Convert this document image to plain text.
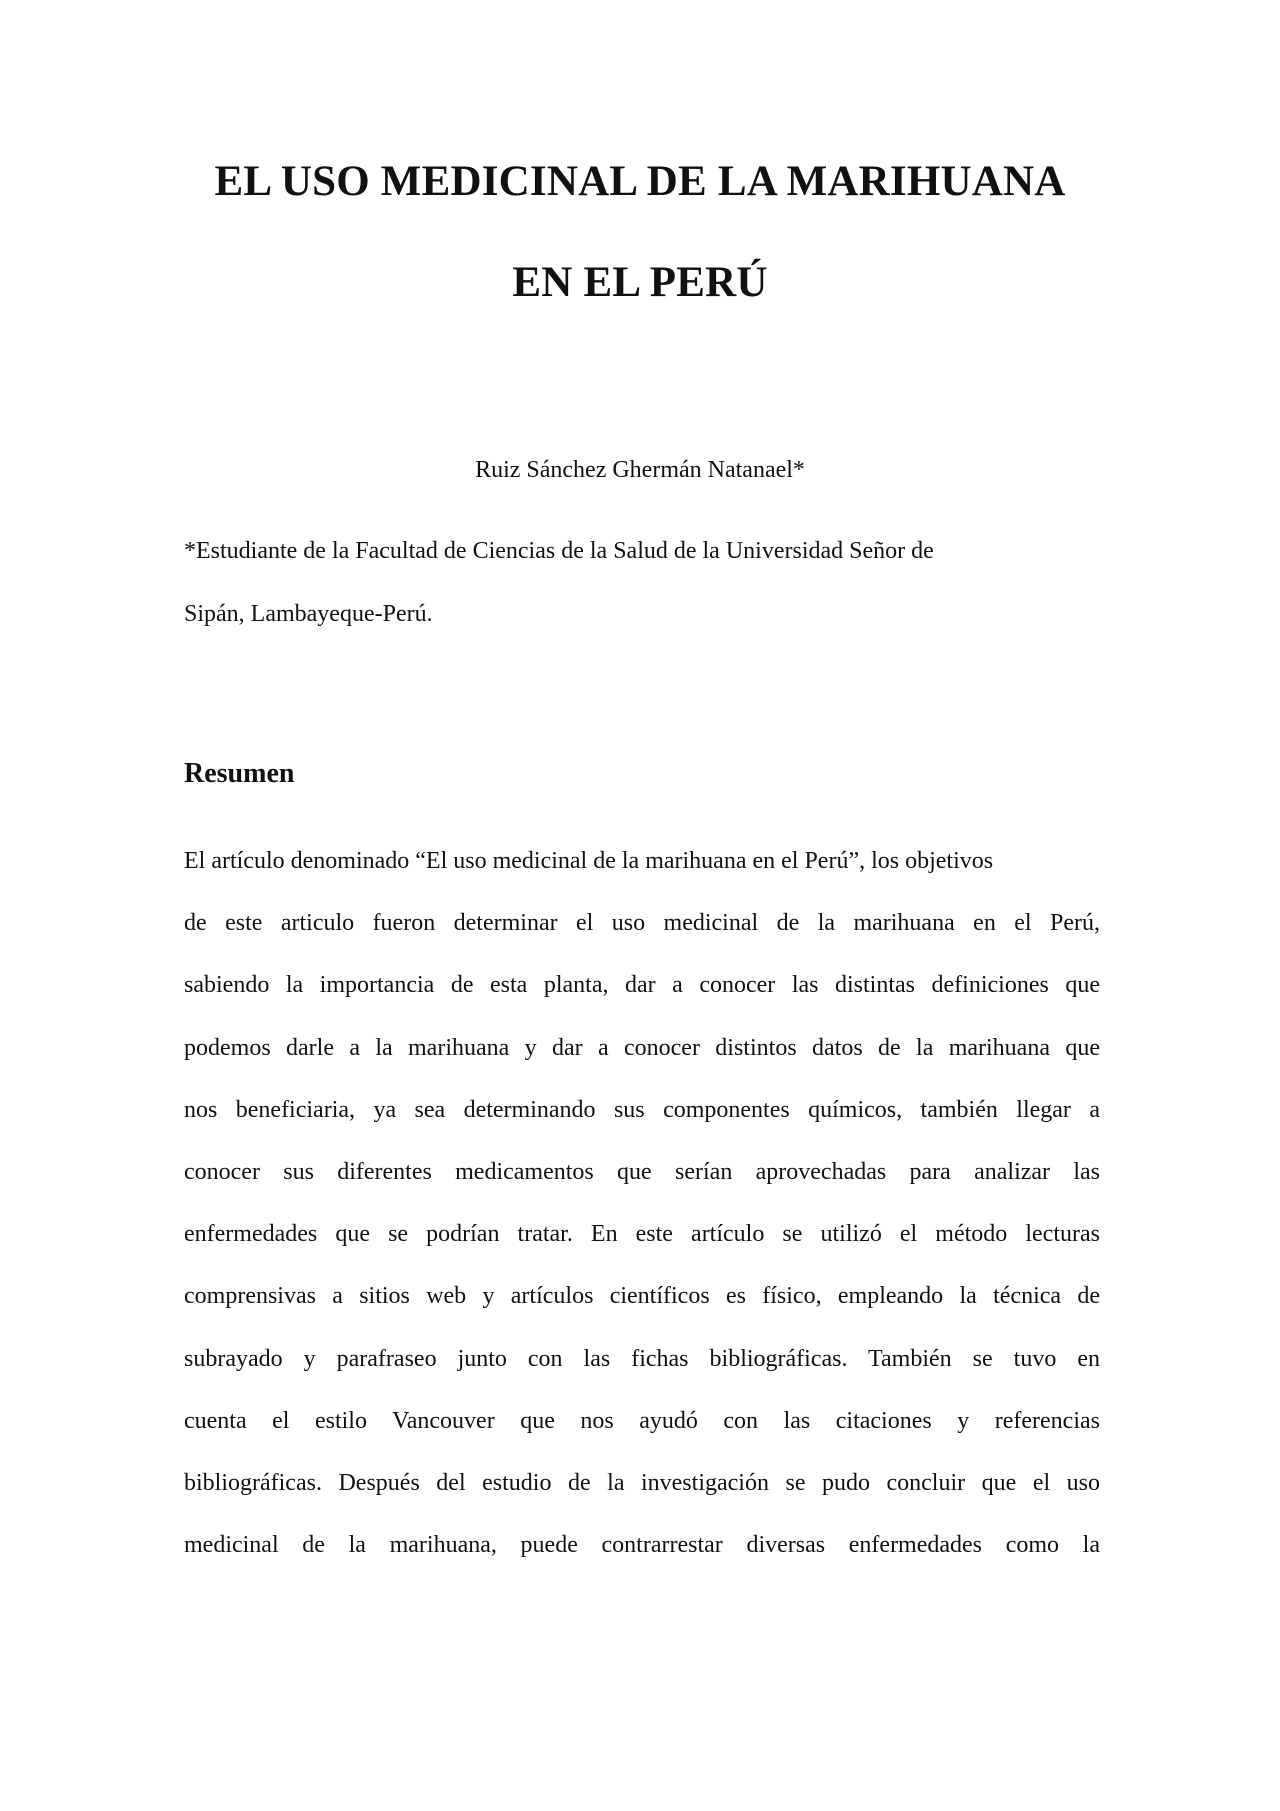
EL USO MEDICINAL DE LA MARIHUANA
EN EL PERÚ
Ruiz Sánchez Ghermán Natanael*
*Estudiante de la Facultad de Ciencias de la Salud de la Universidad Señor de
Sipán, Lambayeque-Perú.
Resumen
El artículo denominado “El uso medicinal de la marihuana en el Perú”, los objetivos
de este articulo fueron determinar el uso medicinal de la marihuana en el Perú,
sabiendo la importancia de esta planta, dar a conocer las distintas definiciones que
podemos darle a la marihuana y dar a conocer distintos datos de la marihuana que
nos beneficiaria, ya sea determinando sus componentes químicos, también llegar a
conocer sus diferentes medicamentos que serían aprovechadas para analizar las
enfermedades que se podrían tratar. En este artículo se utilizó el método lecturas
comprensivas a sitios web y artículos científicos es físico, empleando la técnica de
subrayado y parafraseo junto con las fichas bibliográficas. También se tuvo en
cuenta el estilo Vancouver que nos ayudó con las citaciones y referencias
bibliográficas. Después del estudio de la investigación se pudo concluir que el uso
medicinal de la marihuana, puede contrarrestar diversas enfermedades como la
